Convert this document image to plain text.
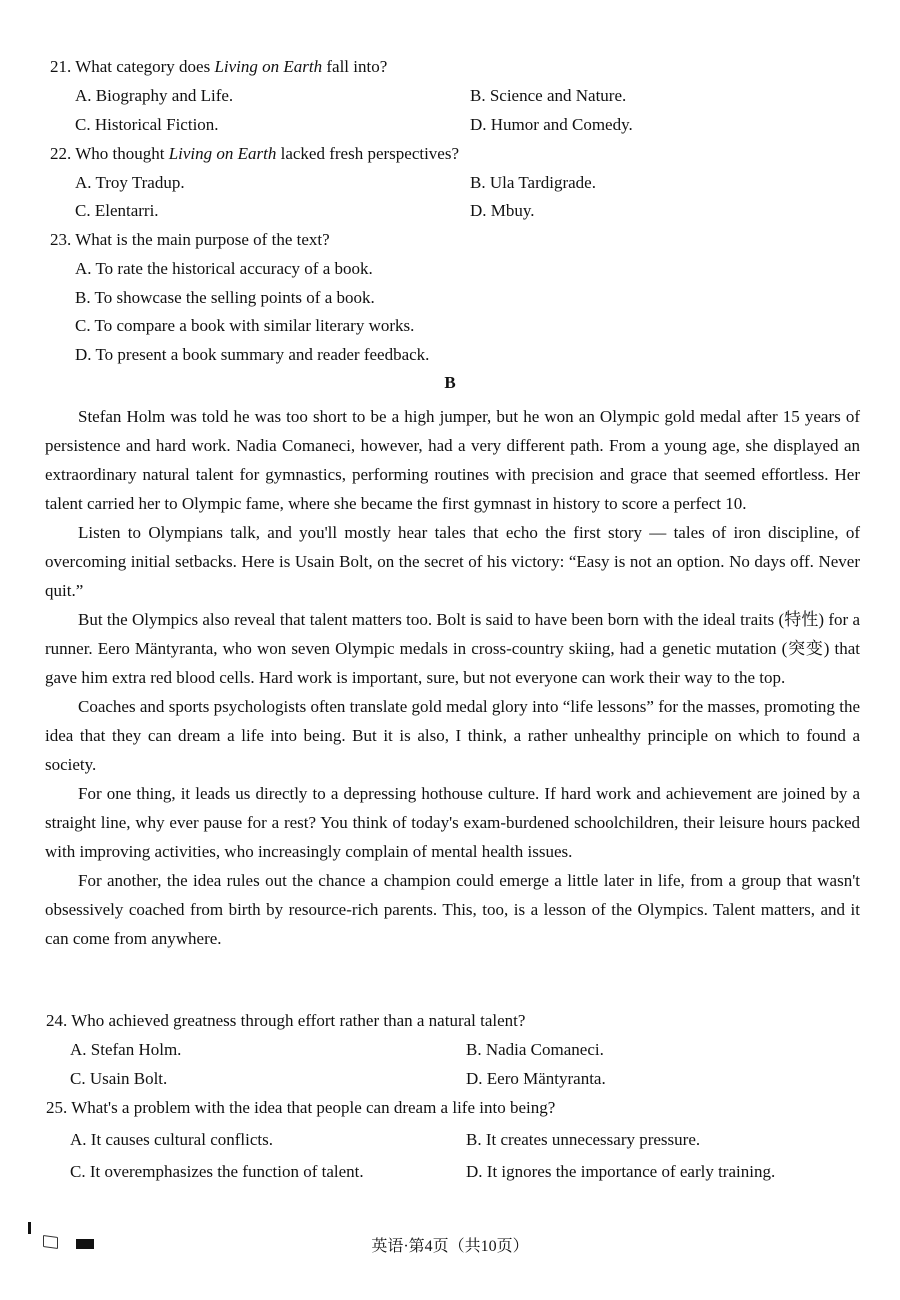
21. What category does Living on Earth fall into?
A. Biography and Life.	B. Science and Nature.
C. Historical Fiction.	D. Humor and Comedy.
22. Who thought Living on Earth lacked fresh perspectives?
A. Troy Tradup.	B. Ula Tardigrade.
C. Elentarri.	D. Mbuy.
23. What is the main purpose of the text?
A. To rate the historical accuracy of a book.
B. To showcase the selling points of a book.
C. To compare a book with similar literary works.
D. To present a book summary and reader feedback.
B

Stefan Holm was told he was too short to be a high jumper, but he won an Olympic gold medal after 15 years of persistence and hard work. Nadia Comaneci, however, had a very different path. From a young age, she displayed an extraordinary natural talent for gymnastics, performing routines with precision and grace that seemed effortless. Her talent carried her to Olympic fame, where she became the first gymnast in history to score a perfect 10.

Listen to Olympians talk, and you'll mostly hear tales that echo the first story — tales of iron discipline, of overcoming initial setbacks. Here is Usain Bolt, on the secret of his victory: “Easy is not an option. No days off. Never quit.”

But the Olympics also reveal that talent matters too. Bolt is said to have been born with the ideal traits (特性) for a runner. Eero Mäntyranta, who won seven Olympic medals in cross-country skiing, had a genetic mutation (突变) that gave him extra red blood cells. Hard work is important, sure, but not everyone can work their way to the top.

Coaches and sports psychologists often translate gold medal glory into “life lessons” for the masses, promoting the idea that they can dream a life into being. But it is also, I think, a rather unhealthy principle on which to found a society.

For one thing, it leads us directly to a depressing hothouse culture. If hard work and achievement are joined by a straight line, why ever pause for a rest? You think of today's exam-burdened schoolchildren, their leisure hours packed with improving activities, who increasingly complain of mental health issues.

For another, the idea rules out the chance a champion could emerge a little later in life, from a group that wasn't obsessively coached from birth by resource-rich parents. This, too, is a lesson of the Olympics. Talent matters, and it can come from anywhere.

24. Who achieved greatness through effort rather than a natural talent?
A. Stefan Holm.	B. Nadia Comaneci.
C. Usain Bolt.	D. Eero Mäntyranta.
25. What's a problem with the idea that people can dream a life into being?
A. It causes cultural conflicts.	B. It creates unnecessary pressure.
C. It overemphasizes the function of talent.	D. It ignores the importance of early training.
英语·第4页（共10页）
